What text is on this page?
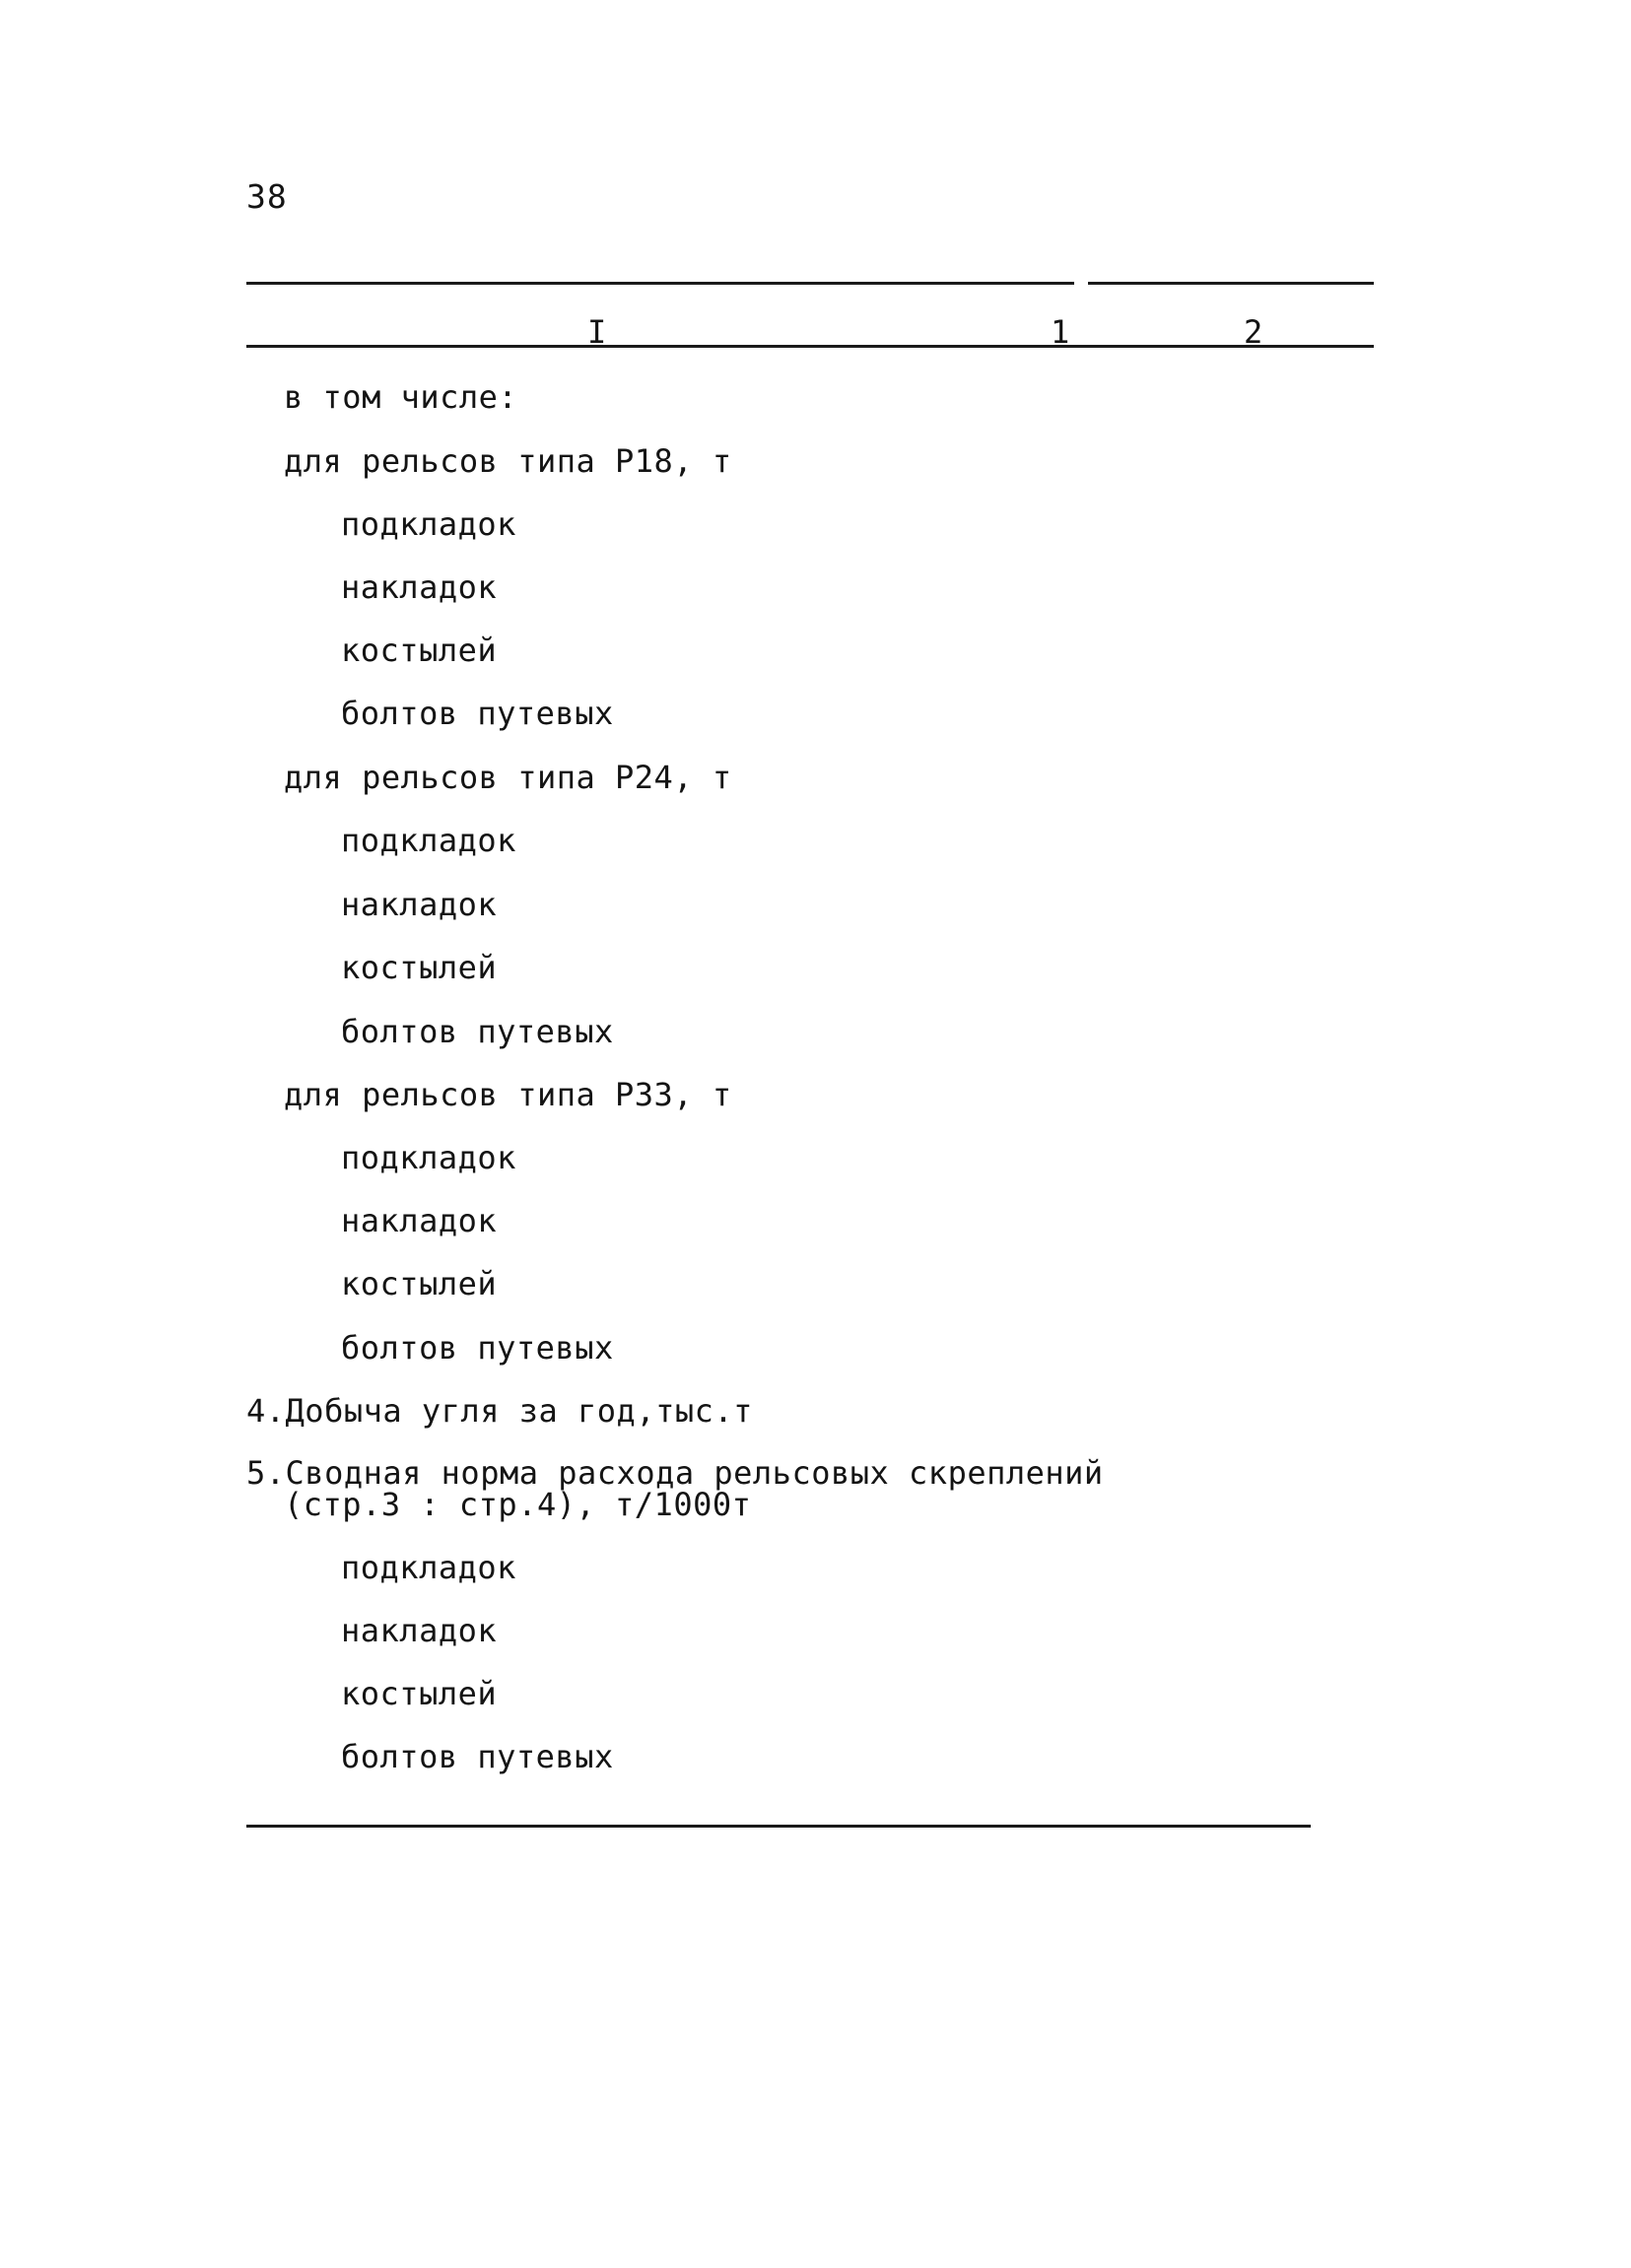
38
I	1	2
в том числе:
для рельсов типа Р18, т
подкладок
накладок
костылей
болтов путевых
для рельсов типа Р24, т
подкладок
накладок
костылей
болтов путевых
для рельсов типа Р33, т
подкладок
накладок
костылей
болтов путевых
4.Добыча угля за год,тыс.т
5.Сводная норма расхода рельсовых скреплений
(стр.3 : стр.4), т/1000т
подкладок
накладок
костылей
болтов путевых
